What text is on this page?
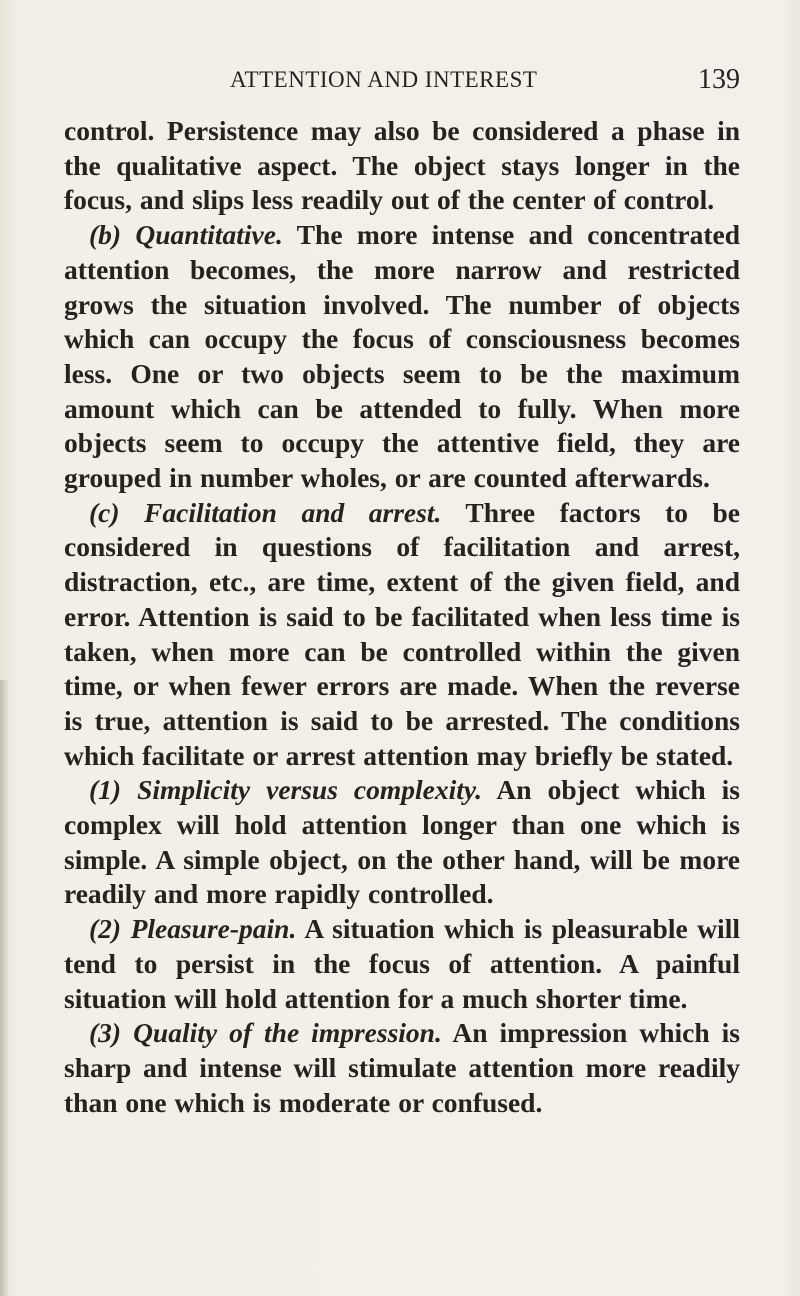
ATTENTION AND INTEREST	139

control. Persistence may also be considered a phase in the qualitative aspect. The object stays longer in the focus, and slips less readily out of the center of control.

(b) Quantitative. The more intense and concentrated attention becomes, the more narrow and restricted grows the situation involved. The number of objects which can occupy the focus of consciousness becomes less. One or two objects seem to be the maximum amount which can be attended to fully. When more objects seem to occupy the attentive field, they are grouped in number wholes, or are counted afterwards.

(c) Facilitation and arrest. Three factors to be considered in questions of facilitation and arrest, distraction, etc., are time, extent of the given field, and error. Attention is said to be facilitated when less time is taken, when more can be controlled within the given time, or when fewer errors are made. When the reverse is true, attention is said to be arrested. The conditions which facilitate or arrest attention may briefly be stated.

(1) Simplicity versus complexity. An object which is complex will hold attention longer than one which is simple. A simple object, on the other hand, will be more readily and more rapidly controlled.

(2) Pleasure-pain. A situation which is pleasurable will tend to persist in the focus of attention. A painful situation will hold attention for a much shorter time.

(3) Quality of the impression. An impression which is sharp and intense will stimulate attention more readily than one which is moderate or confused.
